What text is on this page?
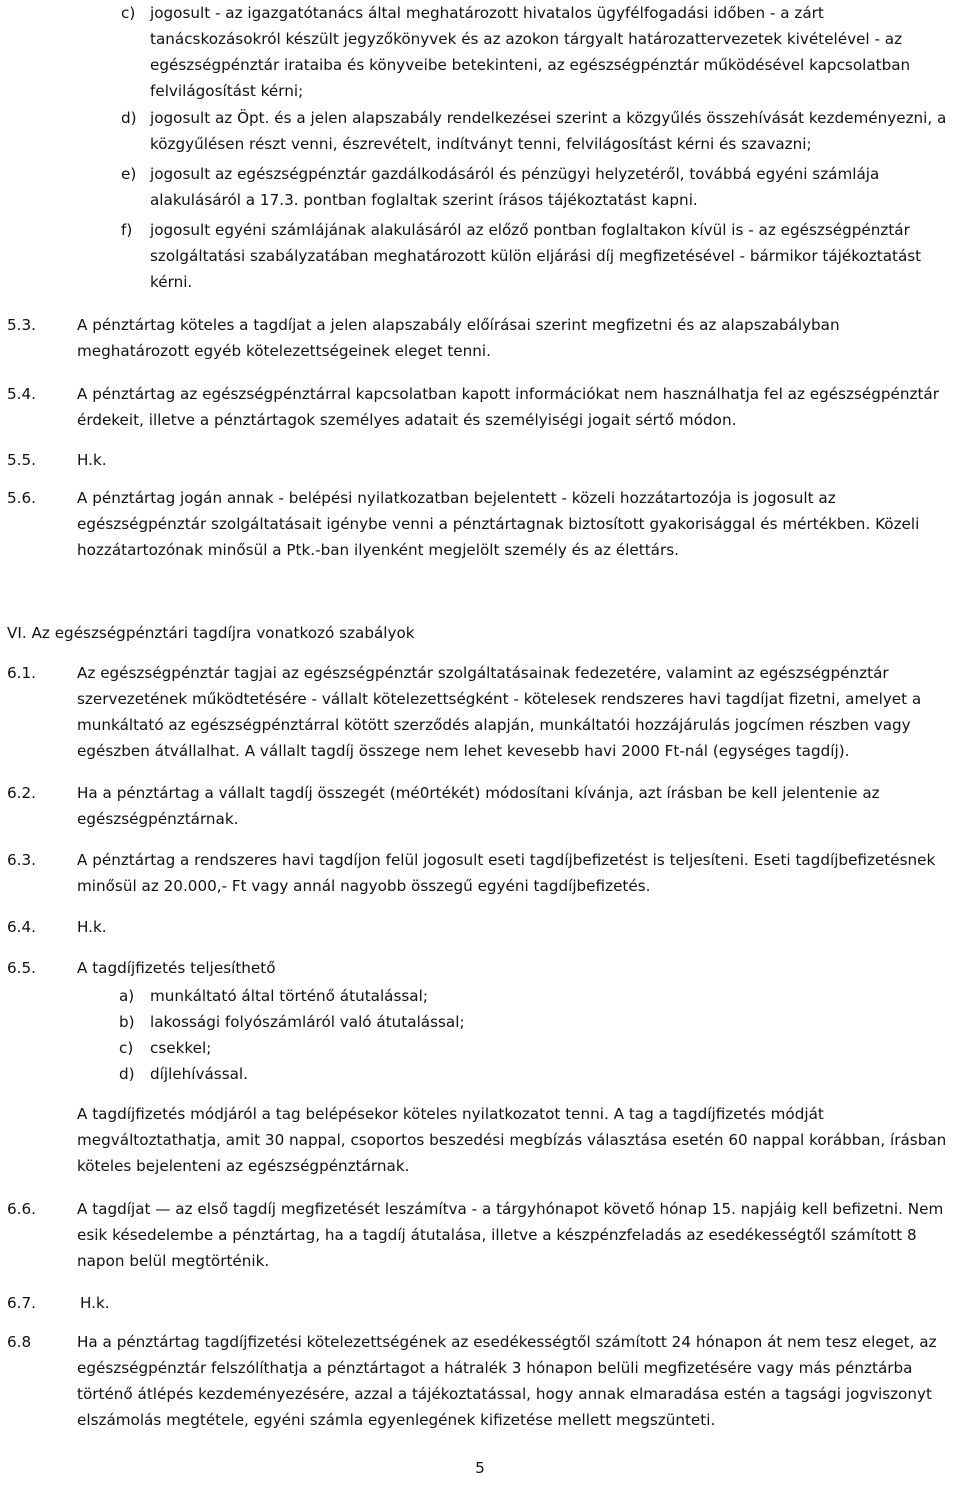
c) jogosult - az igazgatótanács által meghatározott hivatalos ügyfélfogadási időben - a zárt tanácskozásokról készült jegyzőkönyvek és az azokon tárgyalt határozattervezetek kivételével - az egészségpénztár irataiba és könyveibe betekinteni, az egészségpénztár működésével kapcsolatban felvilágosítást kérni;
d) jogosult az Öpt. és a jelen alapszabály rendelkezései szerint a közgyűlés összehívását kezdeményezni, a közgyűlésen részt venni, észrevételt, indítványt tenni, felvilágosítást kérni és szavazni;
e) jogosult az egészségpénztár gazdálkodásáról és pénzügyi helyzetéről, továbbá egyéni számlája alakulásáról a 17.3. pontban foglaltak szerint írásos tájékoztatást kapni.
f)	jogosult egyéni számlájának alakulásáról az előző pontban foglaltakon kívül is - az egészségpénztár szolgáltatási szabályzatában meghatározott külön eljárási díj megfizetésével - bármikor tájékoztatást kérni.
5.3.	A pénztártag köteles a tagdíjat a jelen alapszabály előírásai szerint megfizetni és az alapszabályban meghatározott egyéb kötelezettségeinek eleget tenni.
5.4.	A pénztártag az egészségpénztárral kapcsolatban kapott információkat nem használhatja fel az egészségpénztár érdekeit, illetve a pénztártagok személyes adatait és személyiségi jogait sértő módon.
5.5.	H.k.
5.6.	A pénztártag jogán annak - belépési nyilatkozatban bejelentett - közeli hozzátartozója is jogosult az egészségpénztár szolgáltatásait igénybe venni a pénztártagnak biztosított gyakorisággal és mértékben. Közeli hozzátartozónak minősül a Ptk.-ban ilyenként megjelölt személy és az élettárs.
VI. Az egészségpénztári tagdíjra vonatkozó szabályok
6.1.	Az egészségpénztár tagjai az egészségpénztár szolgáltatásainak fedezetére, valamint az egészségpénztár szervezetének működtetésére - vállalt kötelezettségként - kötelesek rendszeres havi tagdíjat fizetni, amelyet a munkáltató az egészségpénztárral kötött szerződés alapján, munkáltatói hozzájárulás jogcímen részben vagy egészben átvállalhat. A vállalt tagdíj összege nem lehet kevesebb havi 2000 Ft-nál (egységes tagdíj).
6.2.	Ha a pénztártag a vállalt tagdíj összegét (mé0rtékét) módosítani kívánja, azt írásban be kell jelentenie az egészségpénztárnak.
6.3.	A pénztártag a rendszeres havi tagdíjon felül jogosult eseti tagdíjbefizetést is teljesíteni. Eseti tagdíjbefizetésnek minősül az 20.000,- Ft vagy annál nagyobb összegű egyéni tagdíjbefizetés.
6.4.	H.k.
6.5.	A tagdíjfizetés teljesíthető
a)	munkáltató által történő átutalással;
b)	lakossági folyószámláról való átutalással;
c)	csekkel;
d)	díjlehívással.
A tagdíjfizetés módjáról a tag belépésekor köteles nyilatkozatot tenni. A tag a tagdíjfizetés módját megváltoztathatja, amit 30 nappal, csoportos beszedési megbízás választása esetén 60 nappal korábban, írásban köteles bejelenteni az egészségpénztárnak.
6.6.	A tagdíjat — az első tagdíj megfizetését leszámítva - a tárgyhónapot követő hónap 15. napjáig kell befizetni. Nem esik késedelembe a pénztártag, ha a tagdíj átutalása, illetve a készpénzfeladás az esedékességtől számított 8 napon belül megtörténik.
6.7.	H.k.
6.8	Ha a pénztártag tagdíjfizetési kötelezettségének az esedékességtől számított 24 hónapon át nem tesz eleget, az egészségpénztár felszólíthatja a pénztártagot a hátralék 3 hónapon belüli megfizetésére vagy más pénztárba történő átlépés kezdeményezésére, azzal a tájékoztatással, hogy annak elmaradása estén a tagsági jogviszonyt elszámolás megtétele, egyéni számla egyenlegének kifizetése mellett megszünteti.
5
